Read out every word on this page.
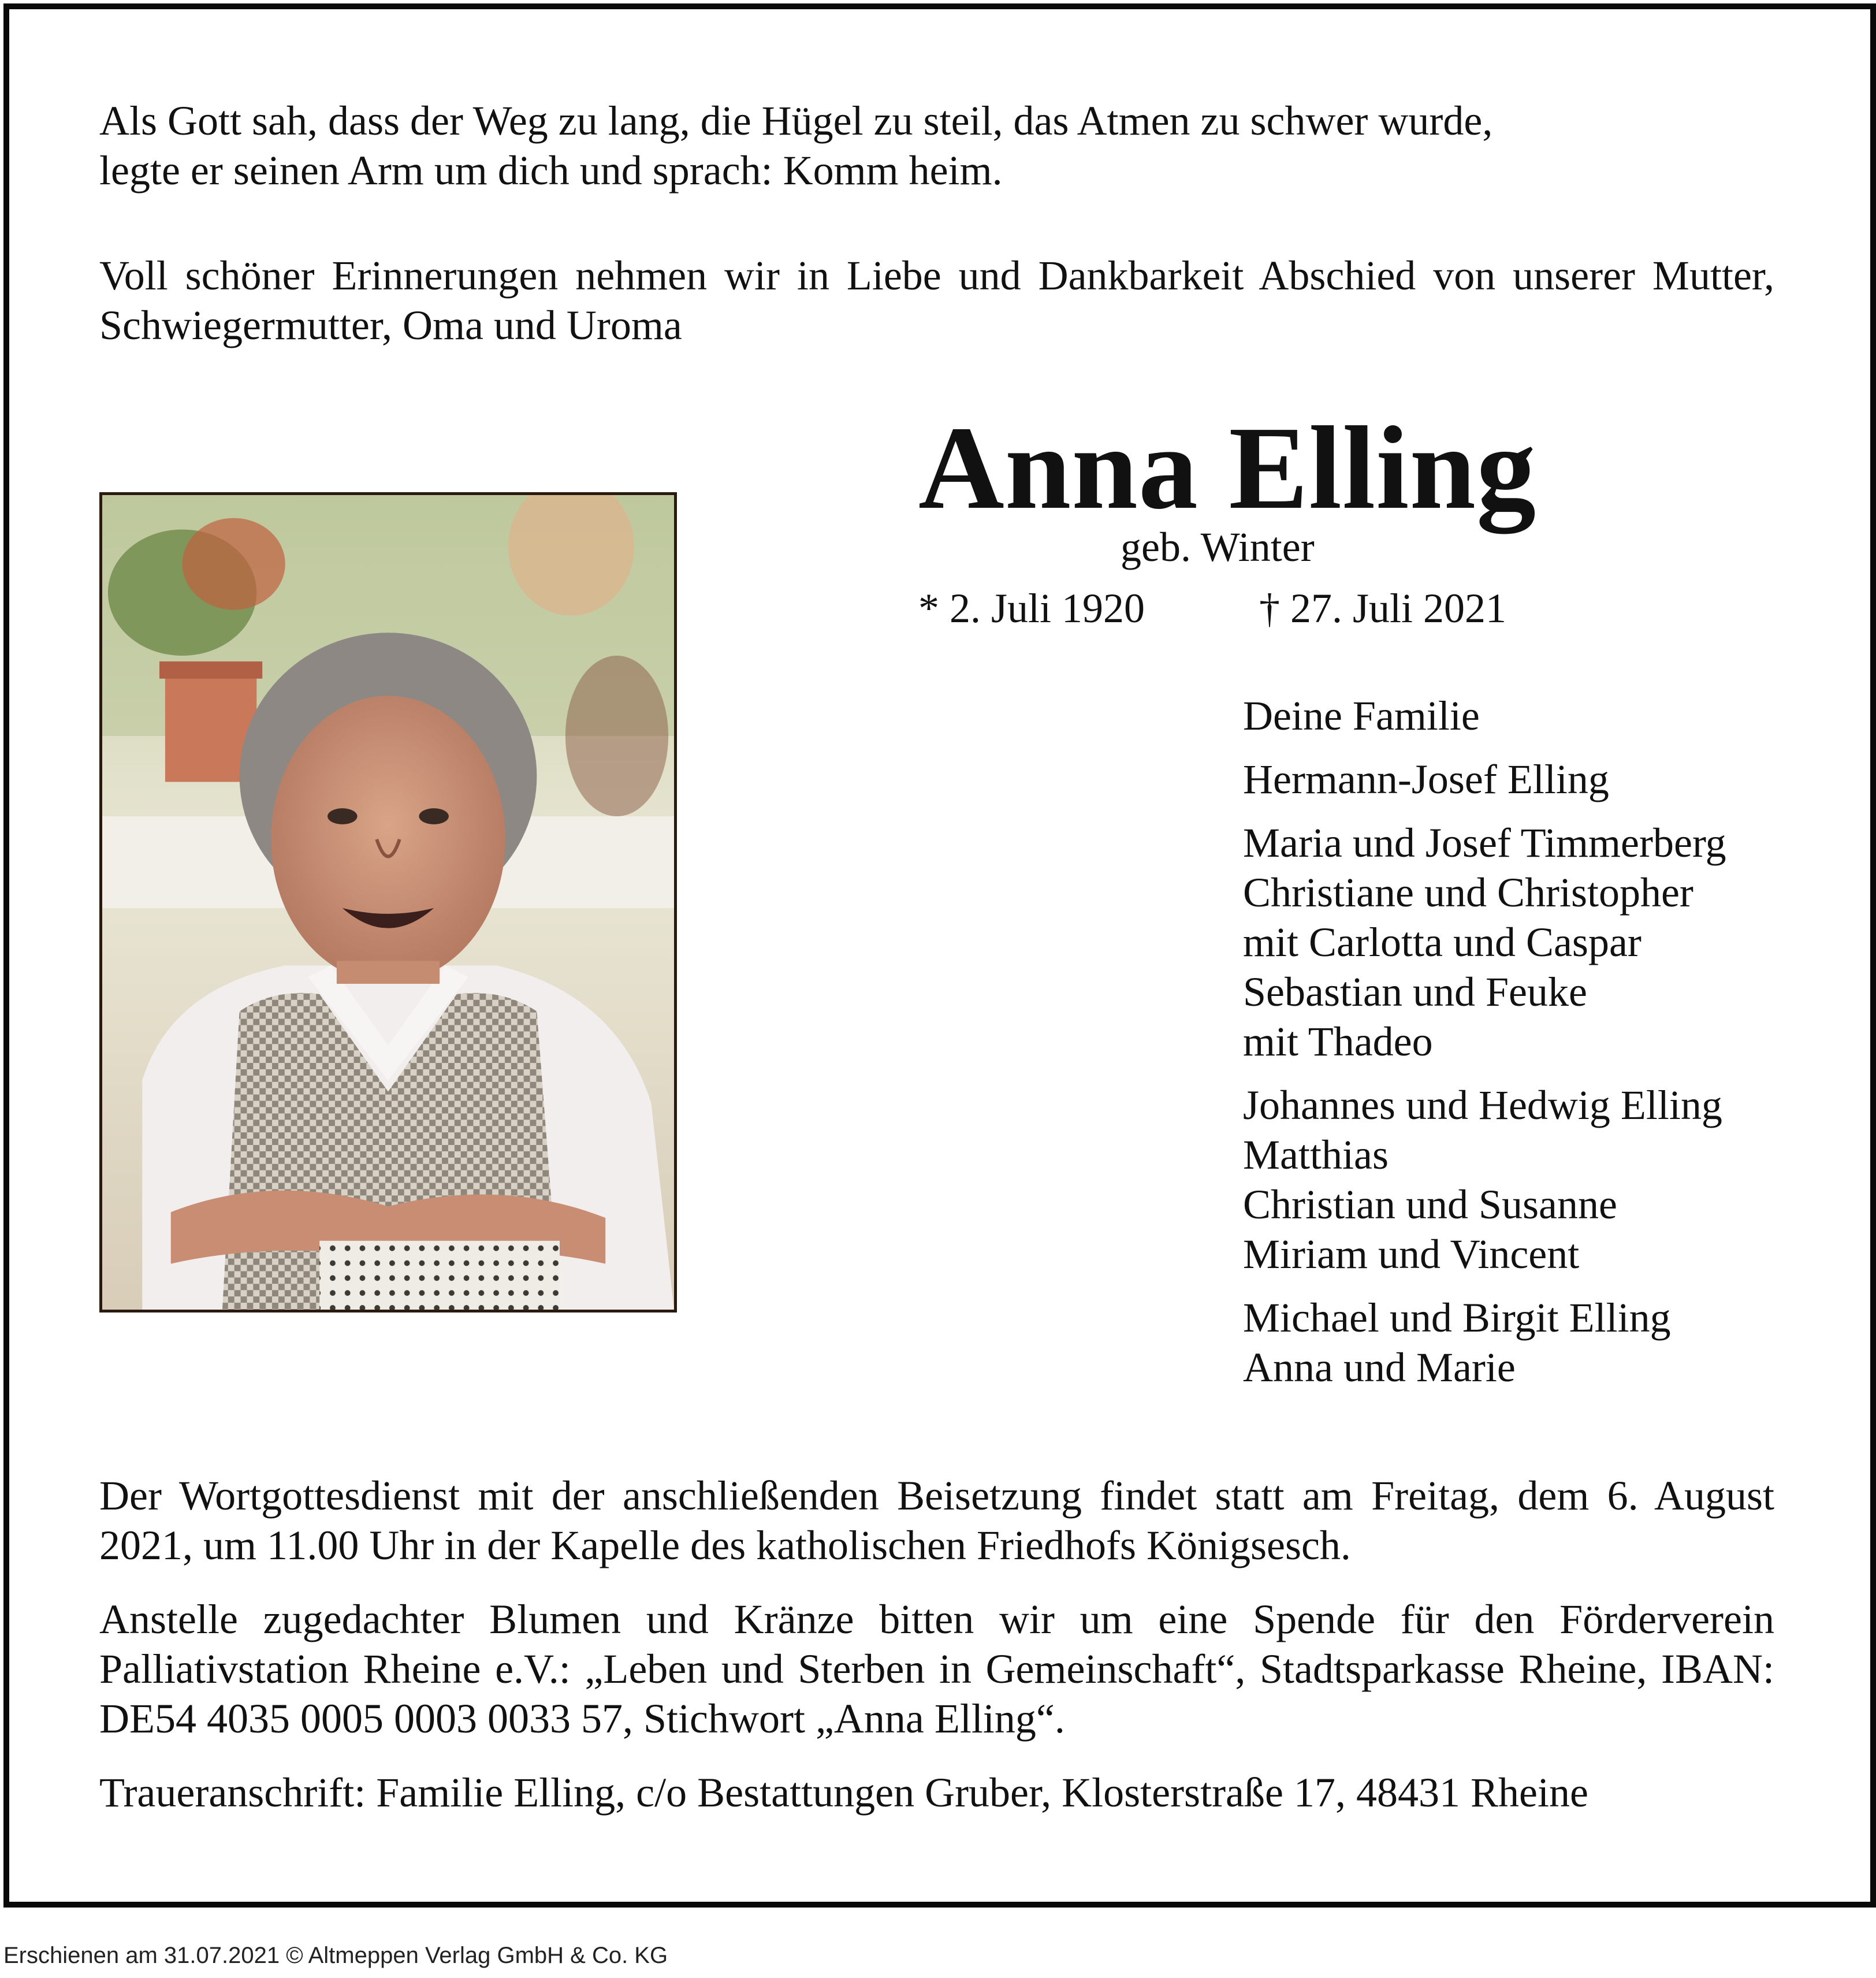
Als Gott sah, dass der Weg zu lang, die Hügel zu steil, das Atmen zu schwer wurde,
legte er seinen Arm um dich und sprach: Komm heim.

Voll schöner Erinnerungen nehmen wir in Liebe und Dankbarkeit Abschied von unserer Mutter, Schwiegermutter, Oma und Uroma

Anna Elling
geb. Winter
* 2. Juli 1920	† 27. Juli 2021
Deine Familie
Hermann-Josef Elling
Maria und Josef Timmerberg
Christiane und Christopher
mit Carlotta und Caspar
Sebastian und Feuke
mit Thadeo
Johannes und Hedwig Elling
Matthias
Christian und Susanne
Miriam und Vincent
Michael und Birgit Elling
Anna und Marie

Der Wortgottesdienst mit der anschließenden Beisetzung findet statt am Freitag, dem 6. August 2021, um 11.00 Uhr in der Kapelle des katholischen Friedhofs Königsesch.

Anstelle zugedachter Blumen und Kränze bitten wir um eine Spende für den Förderverein Palliativstation Rheine e.V.: „Leben und Sterben in Gemeinschaft“, Stadtsparkasse Rheine, IBAN: DE54 4035 0005 0003 0033 57, Stichwort „Anna Elling“.

Traueranschrift: Familie Elling, c/o Bestattungen Gruber, Klosterstraße 17, 48431 Rheine

Erschienen am 31.07.2021 © Altmeppen Verlag GmbH & Co. KG
